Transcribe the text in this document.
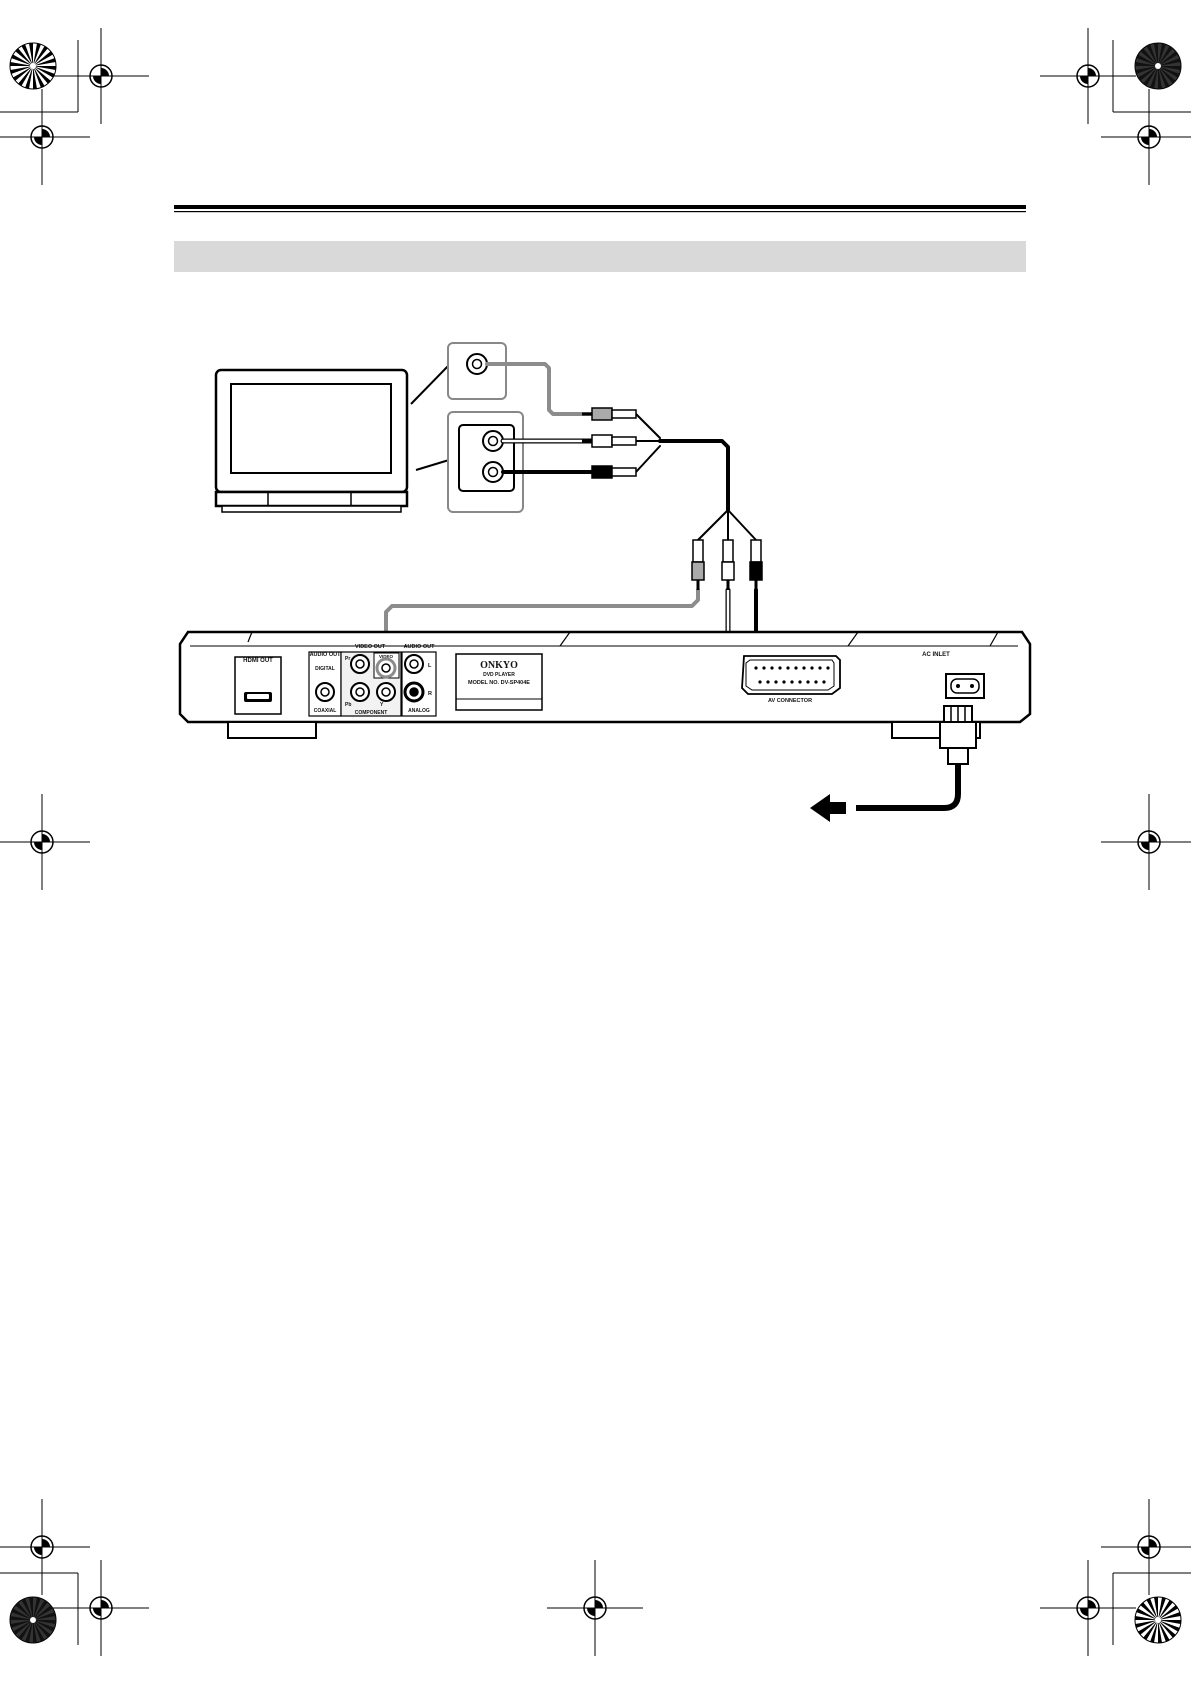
HDMI OUT
AUDIO OUT
DIGITAL
COAXIAL
VIDEO OUT
Pr
Pb	Y
COMPONENT
VIDEO
AUDIO OUT
L
R
ANALOG
ONKYO
DVD PLAYER
MODEL NO. DV-SP404E
AV CONNECTOR
AC INLET
